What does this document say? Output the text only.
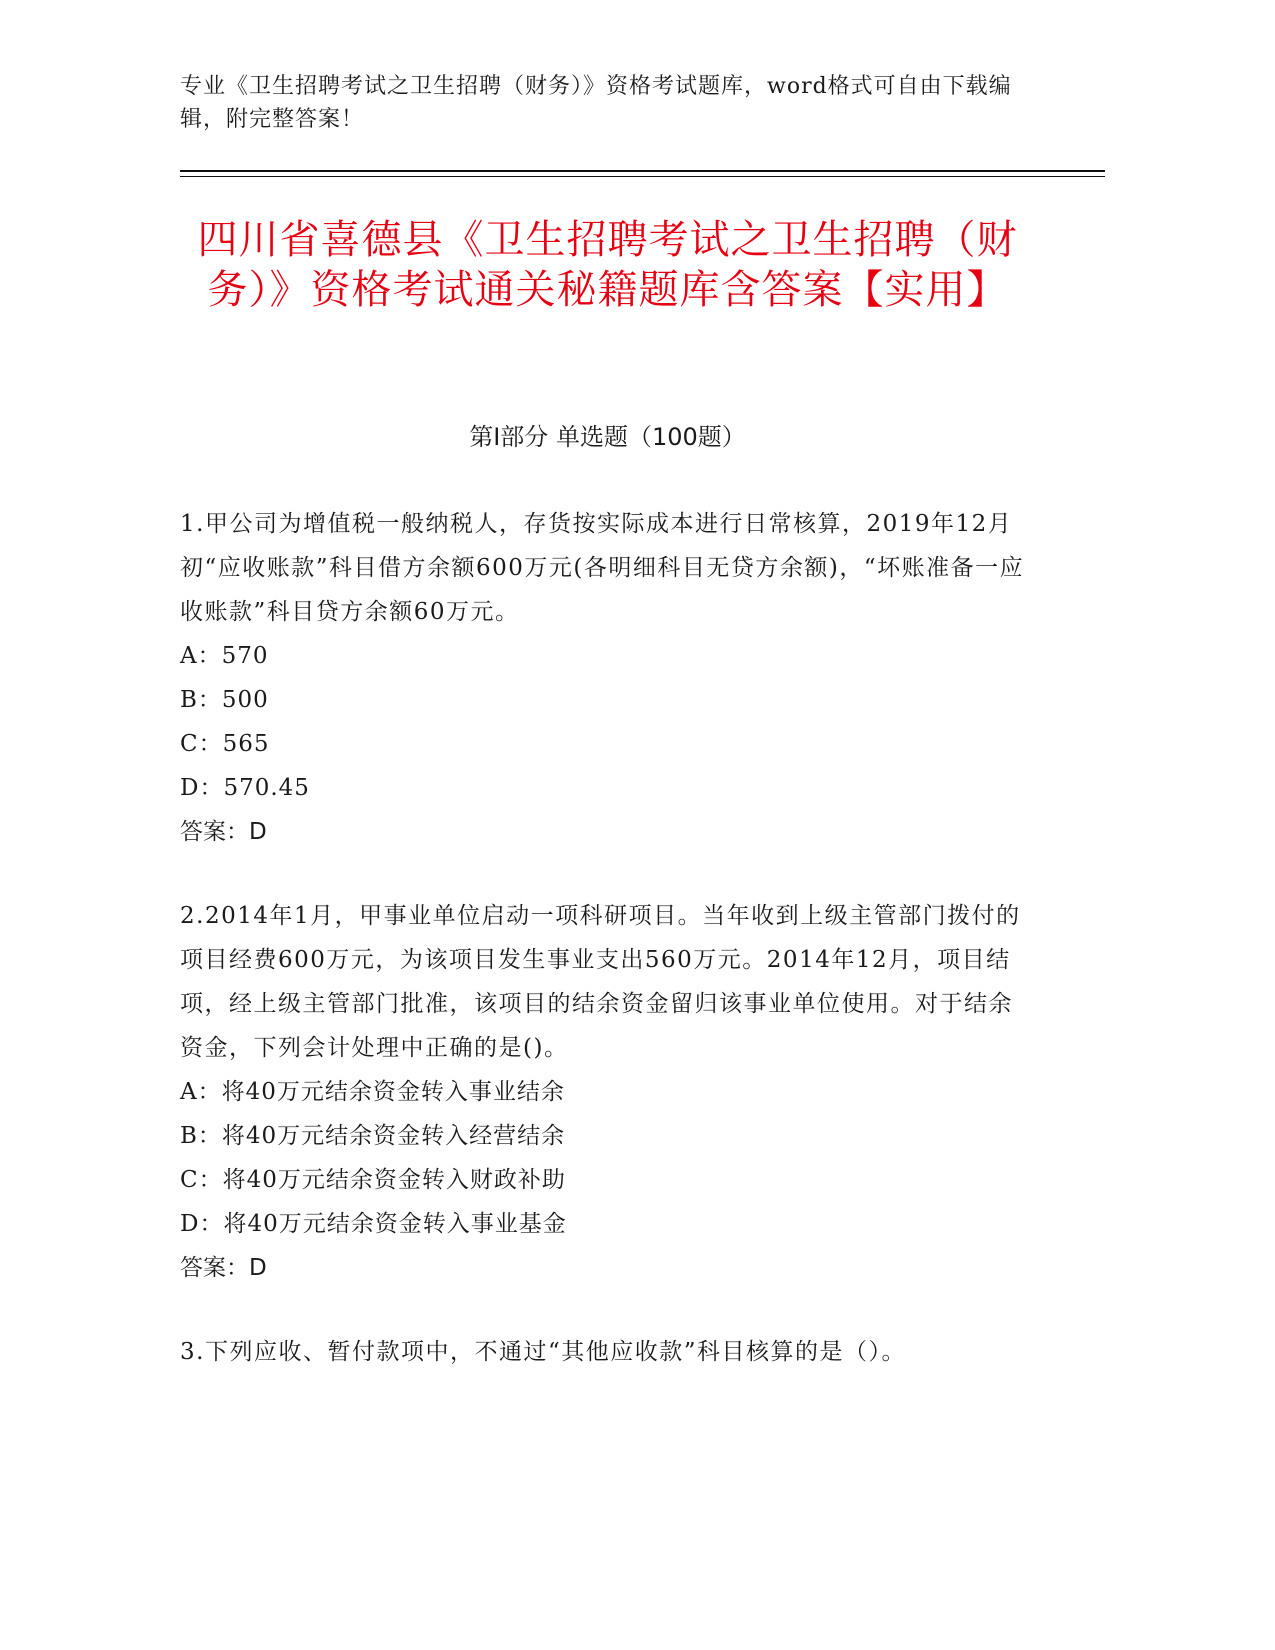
专业《卫生招聘考试之卫生招聘（财务）》资格考试题库，word格式可自由下载编辑，附完整答案！
四川省喜德县《卫生招聘考试之卫生招聘（财务）》资格考试通关秘籍题库含答案【实用】
第Ⅰ部分 单选题（100题）

1.甲公司为增值税一般纳税人，存货按实际成本进行日常核算，2019年12月初“应收账款”科目借方余额600万元(各明细科目无贷方余额)，“坏账准备一应收账款”科目贷方余额60万元。

A：570

B：500

C：565

D：570.45

答案：D

2.2014年1月，甲事业单位启动一项科研项目。当年收到上级主管部门拨付的项目经费600万元，为该项目发生事业支出560万元。2014年12月，项目结项，经上级主管部门批准，该项目的结余资金留归该事业单位使用。对于结余资金，下列会计处理中正确的是()。

A：将40万元结余资金转入事业结余

B：将40万元结余资金转入经营结余

C：将40万元结余资金转入财政补助

D：将40万元结余资金转入事业基金

答案：D

3.下列应收、暂付款项中，不通过“其他应收款”科目核算的是（）。
